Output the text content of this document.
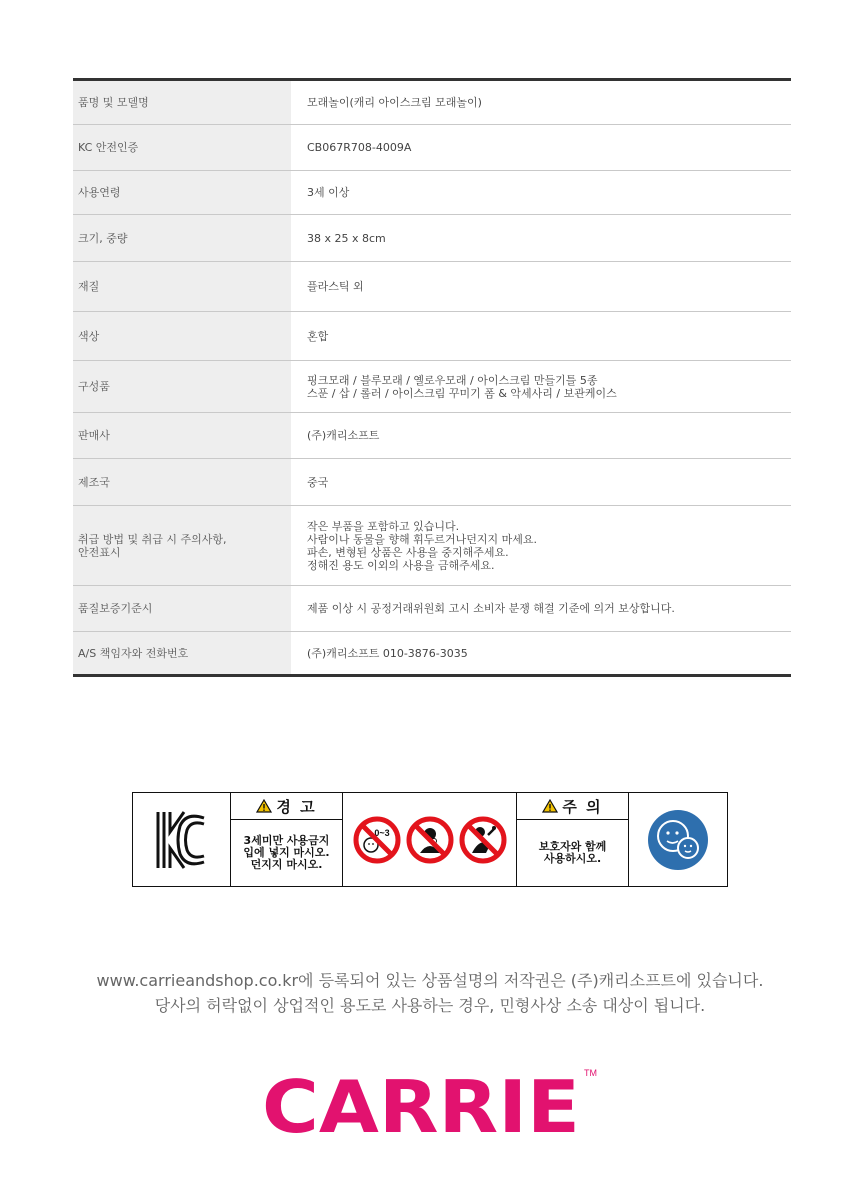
품명 및 모델명	모래놀이(캐리 아이스크림 모래놀이)
KC 안전인증	CB067R708-4009A
사용연령	3세 이상
크기, 중량	38 x 25 x 8cm
재질	플라스틱 외
색상	혼합
구성품	핑크모래 / 블루모래 / 옐로우모래 / 아이스크림 만들기틀 5종
스푼 / 삽 / 롤러 / 아이스크림 꾸미기 폼 & 악세사리 / 보관케이스
판매사	(주)캐리소프트
제조국	중국
취급 방법 및 취급 시 주의사항,
안전표시	작은 부품을 포함하고 있습니다.
사람이나 동물을 향해 휘두르거나던지지 마세요.
파손, 변형된 상품은 사용을 중지해주세요.
정해진 용도 이외의 사용을 금해주세요.
품질보증기준시	제품 이상 시 공정거래위원회 고시 소비자 분쟁 해결 기준에 의거 보상합니다.
A/S 책임자와 전화번호	(주)캐리소프트 010-3876-3035
경 고
3세미만 사용금지
입에 넣지 마시오.
던지지 마시오.
0~3
주 의
보호자와 함께
사용하시오.
www.carrieandshop.co.kr에 등록되어 있는 상품설명의 저작권은 (주)캐리소프트에 있습니다.
당사의 허락없이 상업적인 용도로 사용하는 경우, 민형사상 소송 대상이 됩니다.
CARRIE TM
